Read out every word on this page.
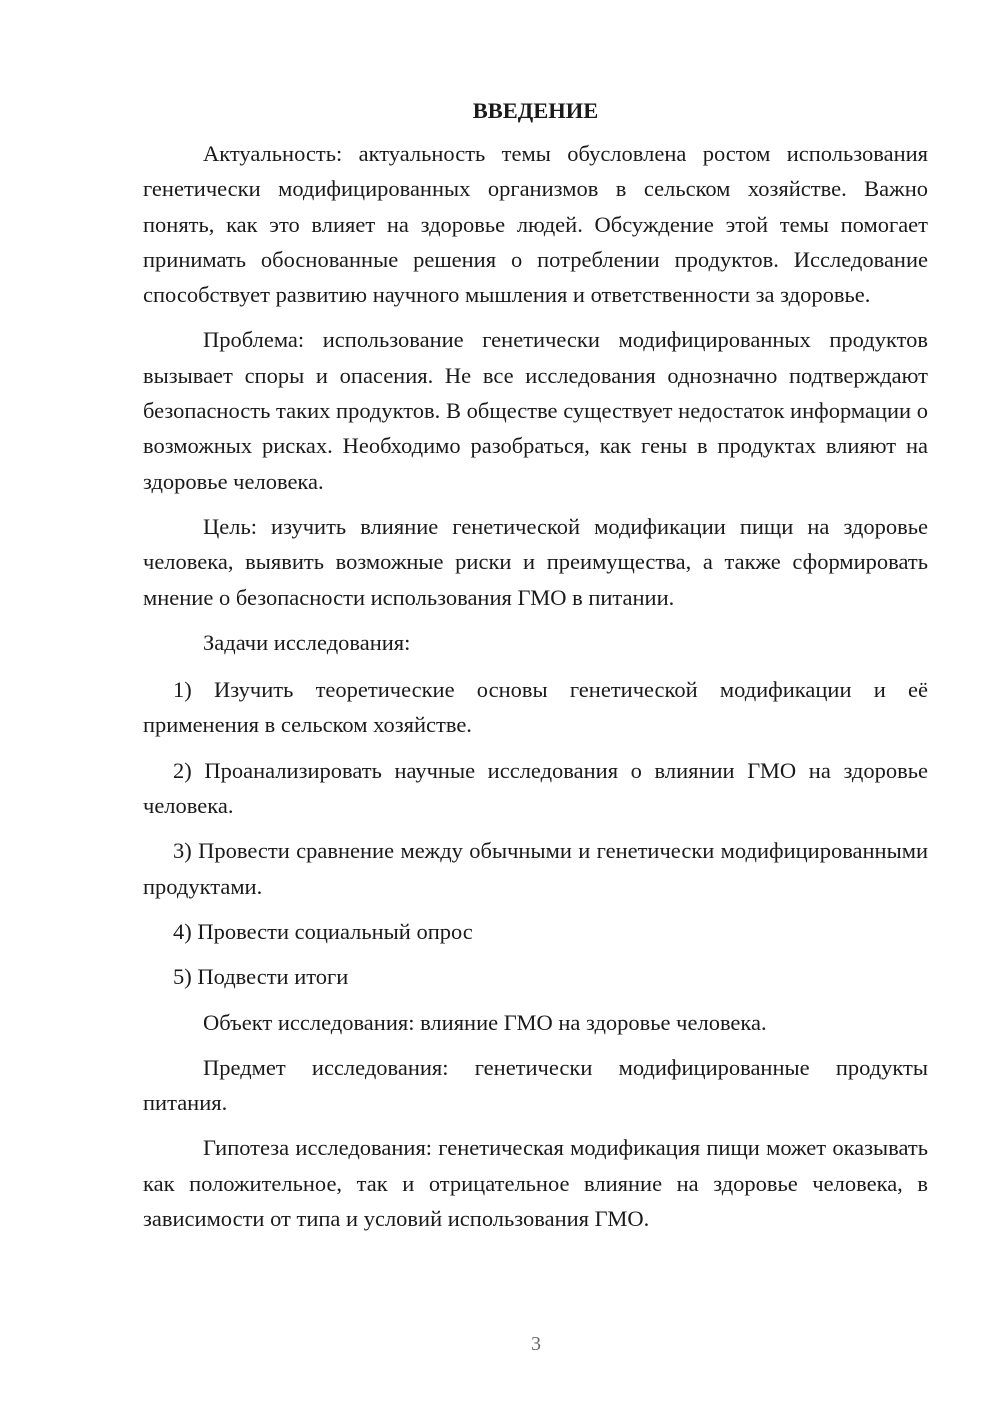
ВВЕДЕНИЕ

Актуальность: актуальность темы обусловлена ростом использования генетически модифицированных организмов в сельском хозяйстве. Важно понять, как это влияет на здоровье людей. Обсуждение этой темы помогает принимать обоснованные решения о потреблении продуктов. Исследование способствует развитию научного мышления и ответственности за здоровье.

Проблема: использование генетически модифицированных продуктов вызывает споры и опасения. Не все исследования однозначно подтверждают безопасность таких продуктов. В обществе существует недостаток информации о возможных рисках. Необходимо разобраться, как гены в продуктах влияют на здоровье человека.

Цель: изучить влияние генетической модификации пищи на здоровье человека, выявить возможные риски и преимущества, а также сформировать мнение о безопасности использования ГМО в питании.

Задачи исследования:

1) Изучить теоретические основы генетической модификации и её применения в сельском хозяйстве.

2) Проанализировать научные исследования о влиянии ГМО на здоровье человека.

3) Провести сравнение между обычными и генетически модифицированными продуктами.

4) Провести социальный опрос

5) Подвести итоги

Объект исследования: влияние ГМО на здоровье человека.

Предмет исследования: генетически модифицированные продукты питания.

Гипотеза исследования: генетическая модификация пищи может оказывать как положительное, так и отрицательное влияние на здоровье человека, в зависимости от типа и условий использования ГМО.

3
